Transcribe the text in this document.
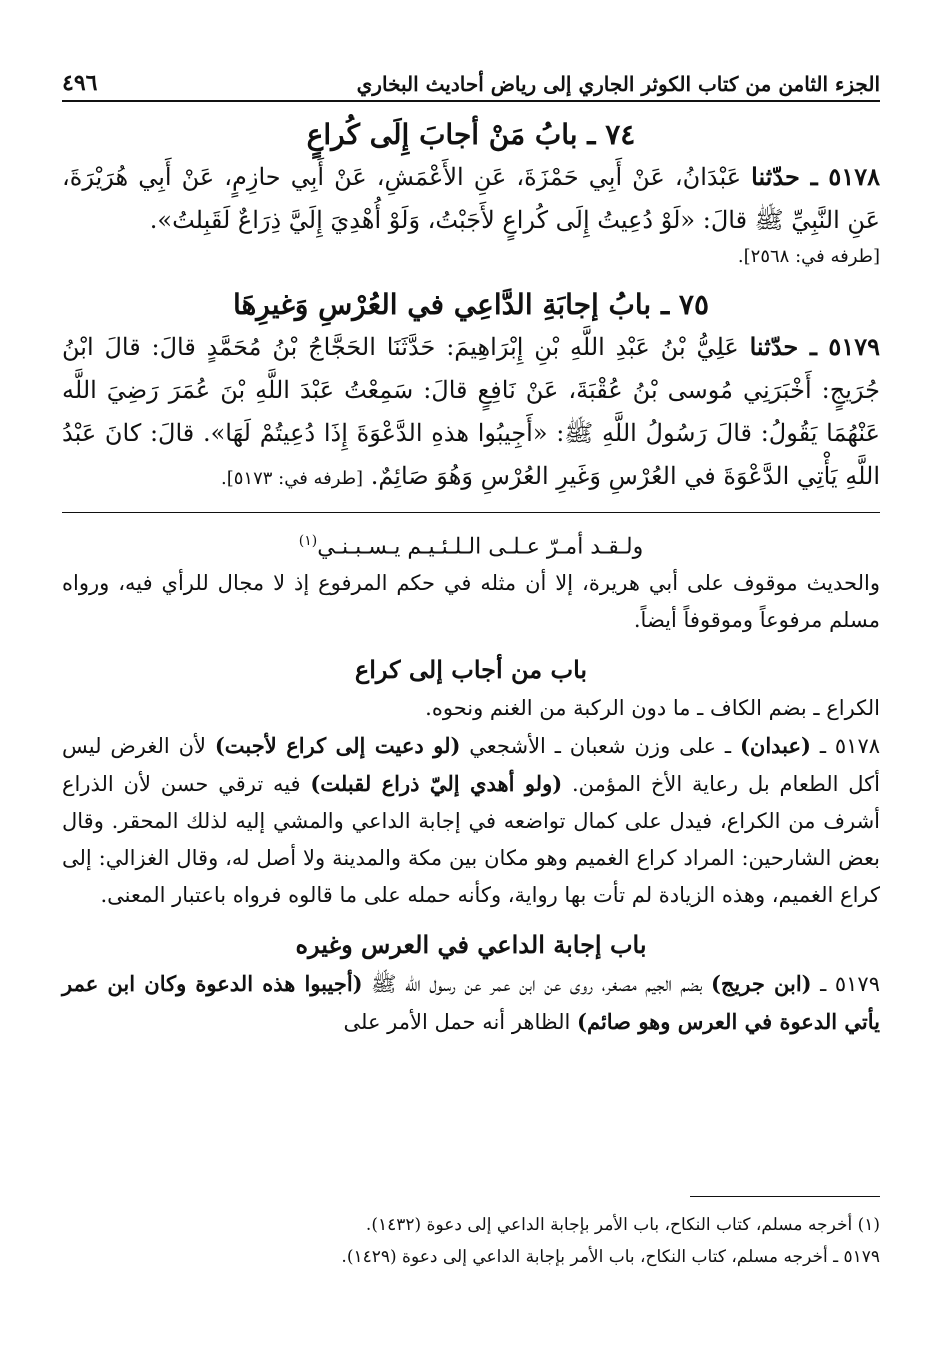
الجزء الثامن من كتاب الكوثر الجاري إلى رياض أحاديث البخاري
٤٩٦
٧٤ ـ بابُ مَنْ أجابَ إِلَى كُراعٍ

٥١٧٨ ـ حدّثنا عَبْدَانُ، عَنْ أَبِي حَمْزَةَ، عَنِ الأَعْمَشِ، عَنْ أَبِي حازِمٍ، عَنْ أَبِي هُرَيْرَةَ، عَنِ النَّبِيِّ ﷺ قالَ: «لَوْ دُعِيتُ إِلَى كُراعٍ لأَجَبْتُ، وَلَوْ أُهْدِيَ إِلَيَّ ذِرَاعٌ لَقَبِلتُ».

[طرفه في: ٢٥٦٨].

٧٥ ـ بابُ إجابَةِ الدَّاعِي في العُرْسِ وَغيرِهَا

٥١٧٩ ـ حدّثنا عَلِيُّ بْنُ عَبْدِ اللَّهِ بْنِ إِبْرَاهِيمَ: حَدَّثَنَا الحَجَّاجُ بْنُ مُحَمَّدٍ قالَ: قالَ ابْنُ جُرَيجٍ: أَخْبَرَنِي مُوسى بْنُ عُقْبَةَ، عَنْ نَافِعٍ قالَ: سَمِعْتُ عَبْدَ اللَّهِ بْنَ عُمَرَ رَضِيَ اللَّه عَنْهُمَا يَقُولُ: قالَ رَسُولُ اللَّهِ ﷺ: «أَجِيبُوا هذهِ الدَّعْوَةَ إِذَا دُعِيتُمْ لَهَا». قالَ: كانَ عَبْدُ اللَّهِ يَأْتِي الدَّعْوَةَ في العُرْسِ وَغَيرِ العُرْسِ وَهُوَ صَائِمٌ. [طرفه في: ٥١٧٣].

ولـقـد أمـرّ عـلـى الـلـئـيـم يـسـبـنـي$^{(١)}$

والحديث موقوف على أبي هريرة، إلا أن مثله في حكم المرفوع إذ لا مجال للرأي فيه، ورواه مسلم مرفوعاً وموقوفاً أيضاً.

باب من أجاب إلى كراع

الكراع ـ بضم الكاف ـ ما دون الركبة من الغنم ونحوه.

٥١٧٨ ـ (عبدان) ـ على وزن شعبان ـ الأشجعي (لو دعيت إلى كراع لأجبت) لأن الغرض ليس أكل الطعام بل رعاية الأخ المؤمن. (ولو أهدي إليّ ذراع لقبلت) فيه ترقي حسن لأن الذراع أشرف من الكراع، فيدل على كمال تواضعه في إجابة الداعي والمشي إليه لذلك المحقر. وقال بعض الشارحين: المراد كراع الغميم وهو مكان بين مكة والمدينة ولا أصل له، وقال الغزالي: إلى كراع الغميم، وهذه الزيادة لم تأت بها رواية، وكأنه حمله على ما قالوه فرواه باعتبار المعنى.

باب إجابة الداعي في العرس وغيره

٥١٧٩ ـ (ابن جريج) بضم الجيم مصغر، روى عن ابن عمر عن رسول الله ﷺ (أجيبوا هذه الدعوة وكان ابن عمر يأتي الدعوة في العرس وهو صائم) الظاهر أنه حمل الأمر على

(١) أخرجه مسلم، كتاب النكاح، باب الأمر بإجابة الداعي إلى دعوة (١٤٣٢).

٥١٧٩ ـ أخرجه مسلم، كتاب النكاح، باب الأمر بإجابة الداعي إلى دعوة (١٤٢٩).
